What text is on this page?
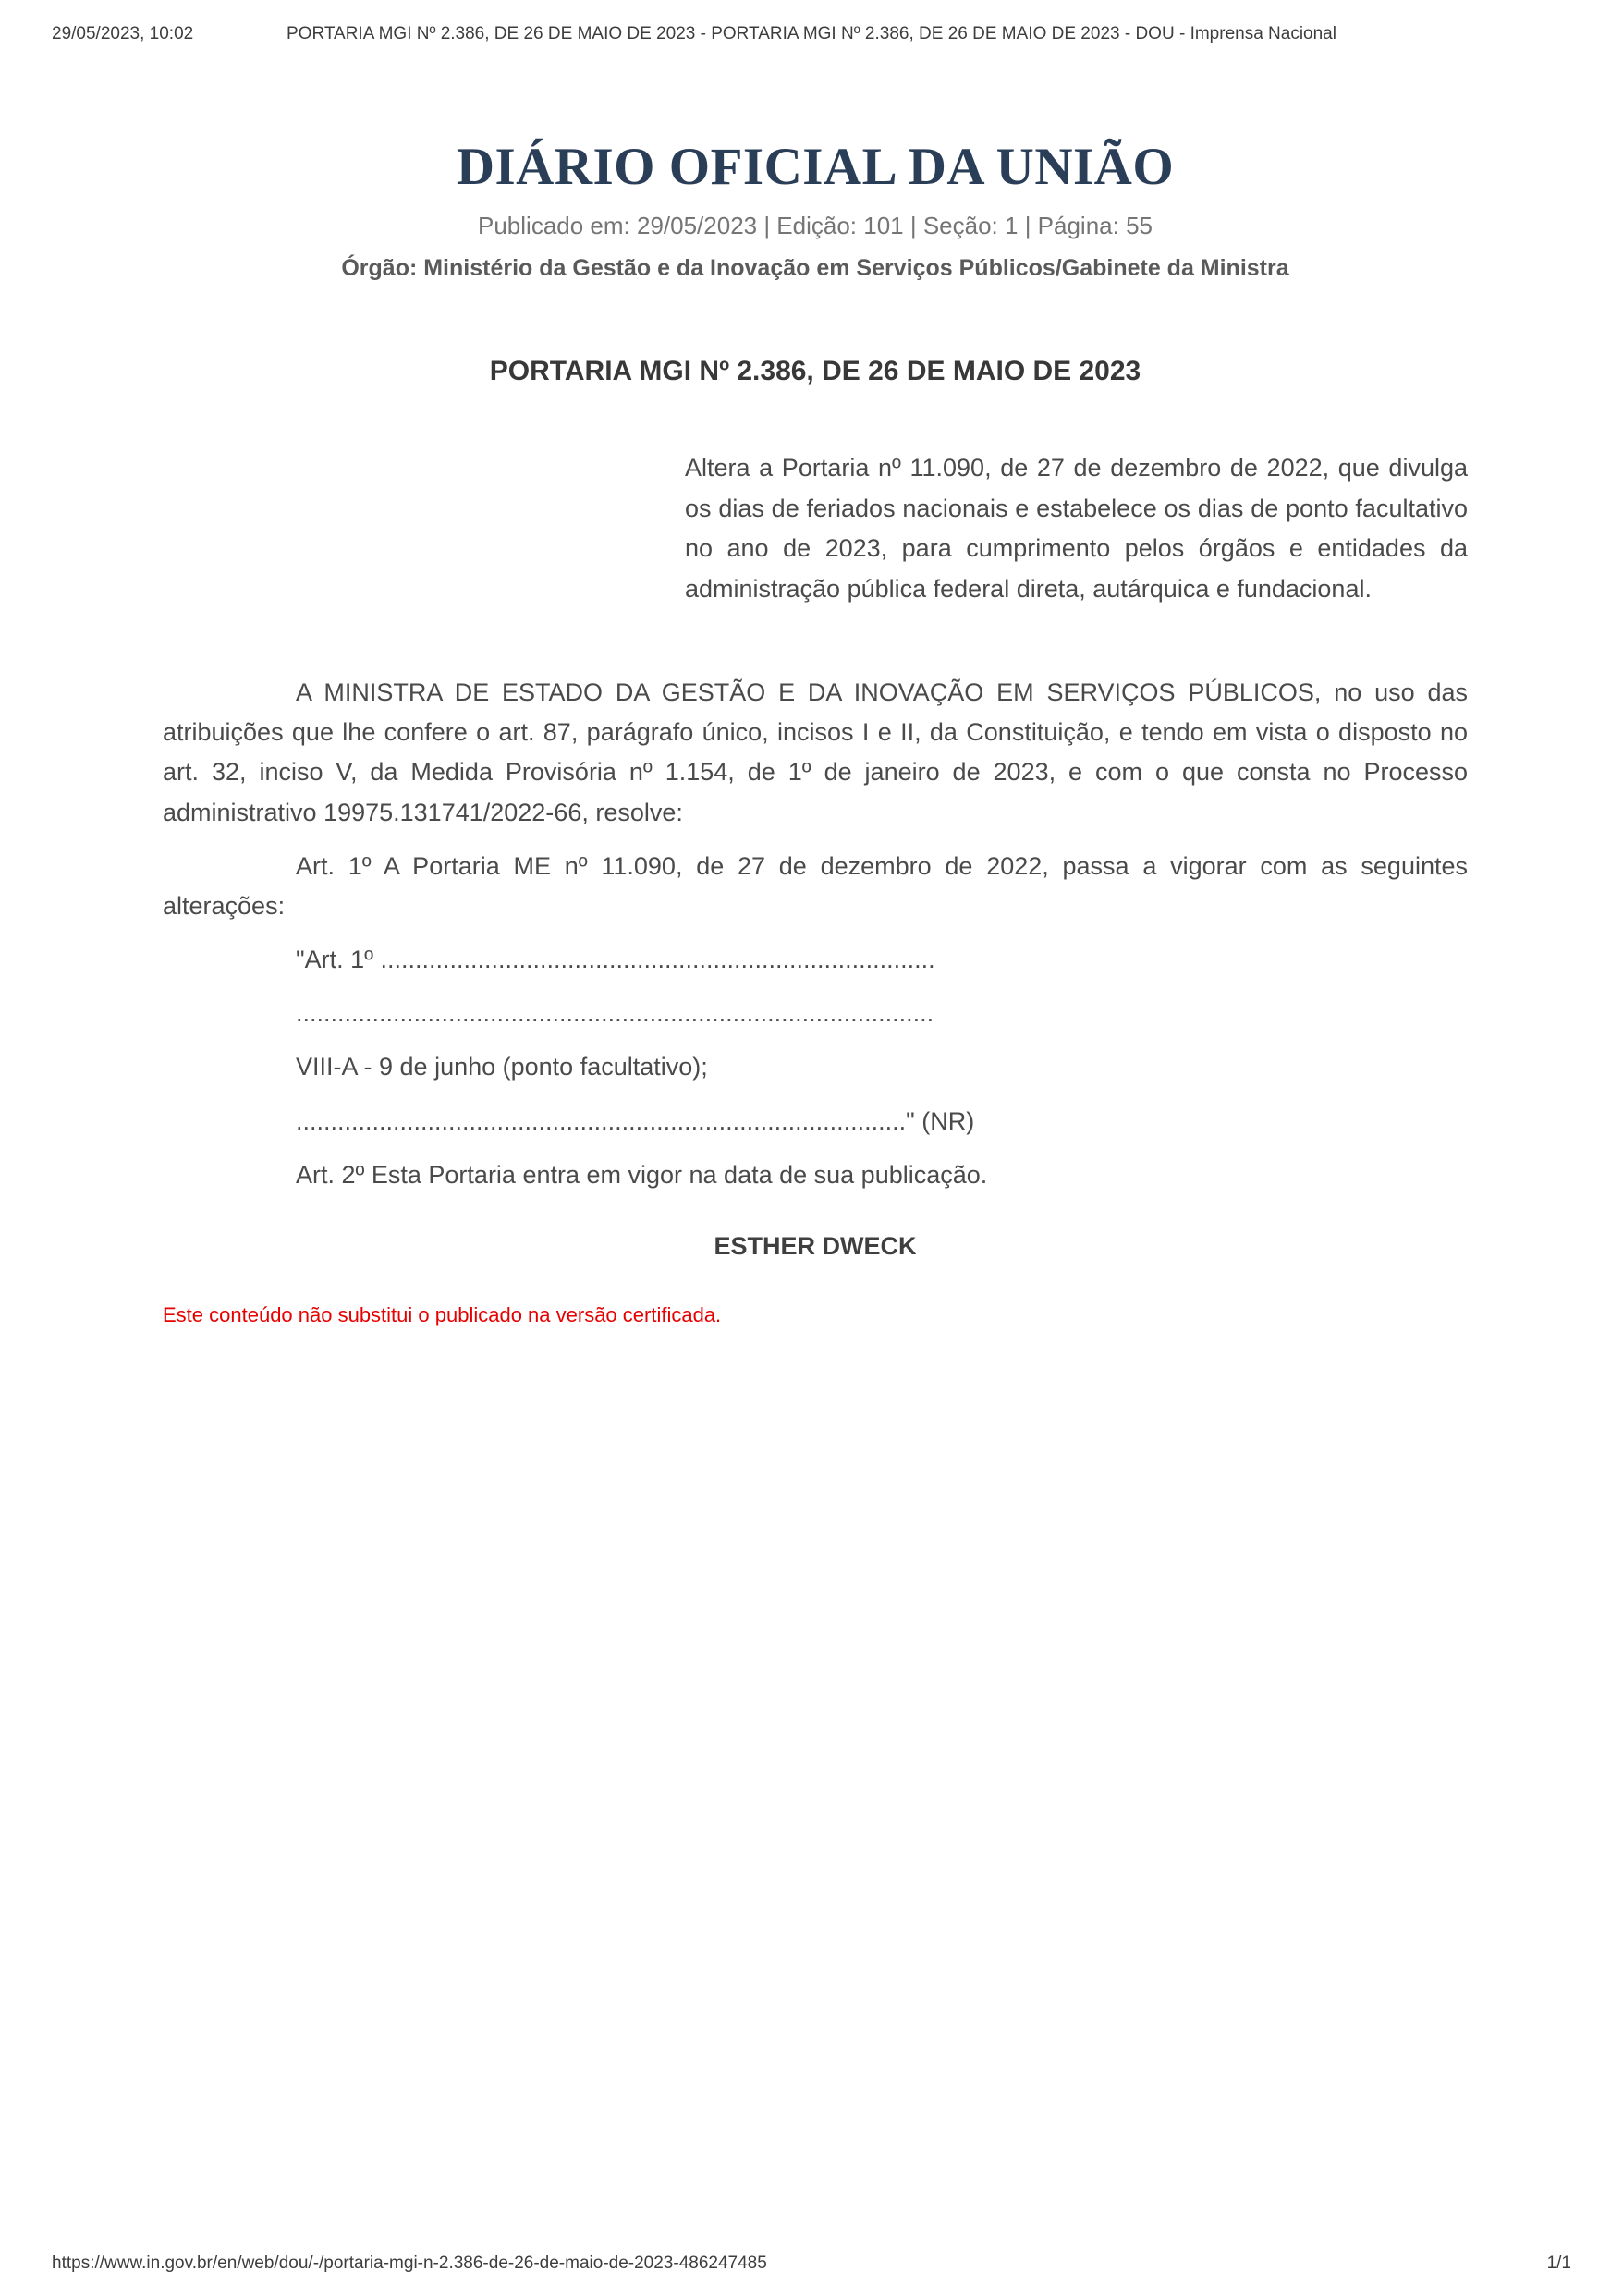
29/05/2023, 10:02	PORTARIA MGI Nº 2.386, DE 26 DE MAIO DE 2023 - PORTARIA MGI Nº 2.386, DE 26 DE MAIO DE 2023 - DOU - Imprensa Nacional
DIÁRIO OFICIAL DA UNIÃO
Publicado em: 29/05/2023 | Edição: 101 | Seção: 1 | Página: 55
Órgão: Ministério da Gestão e da Inovação em Serviços Públicos/Gabinete da Ministra
PORTARIA MGI Nº 2.386, DE 26 DE MAIO DE 2023

Altera a Portaria nº 11.090, de 27 de dezembro de 2022, que divulga os dias de feriados nacionais e estabelece os dias de ponto facultativo no ano de 2023, para cumprimento pelos órgãos e entidades da administração pública federal direta, autárquica e fundacional.

A MINISTRA DE ESTADO DA GESTÃO E DA INOVAÇÃO EM SERVIÇOS PÚBLICOS, no uso das atribuições que lhe confere o art. 87, parágrafo único, incisos I e II, da Constituição, e tendo em vista o disposto no art. 32, inciso V, da Medida Provisória nº 1.154, de 1º de janeiro de 2023, e com o que consta no Processo administrativo 19975.131741/2022-66, resolve:

Art. 1º A Portaria ME nº 11.090, de 27 de dezembro de 2022, passa a vigorar com as seguintes alterações:

"Art. 1º ................................................................................

............................................................................................

VIII-A - 9 de junho (ponto facultativo);

........................................................................................" (NR)

Art. 2º Esta Portaria entra em vigor na data de sua publicação.

ESTHER DWECK
Este conteúdo não substitui o publicado na versão certificada.
https://www.in.gov.br/en/web/dou/-/portaria-mgi-n-2.386-de-26-de-maio-de-2023-486247485	1/1
